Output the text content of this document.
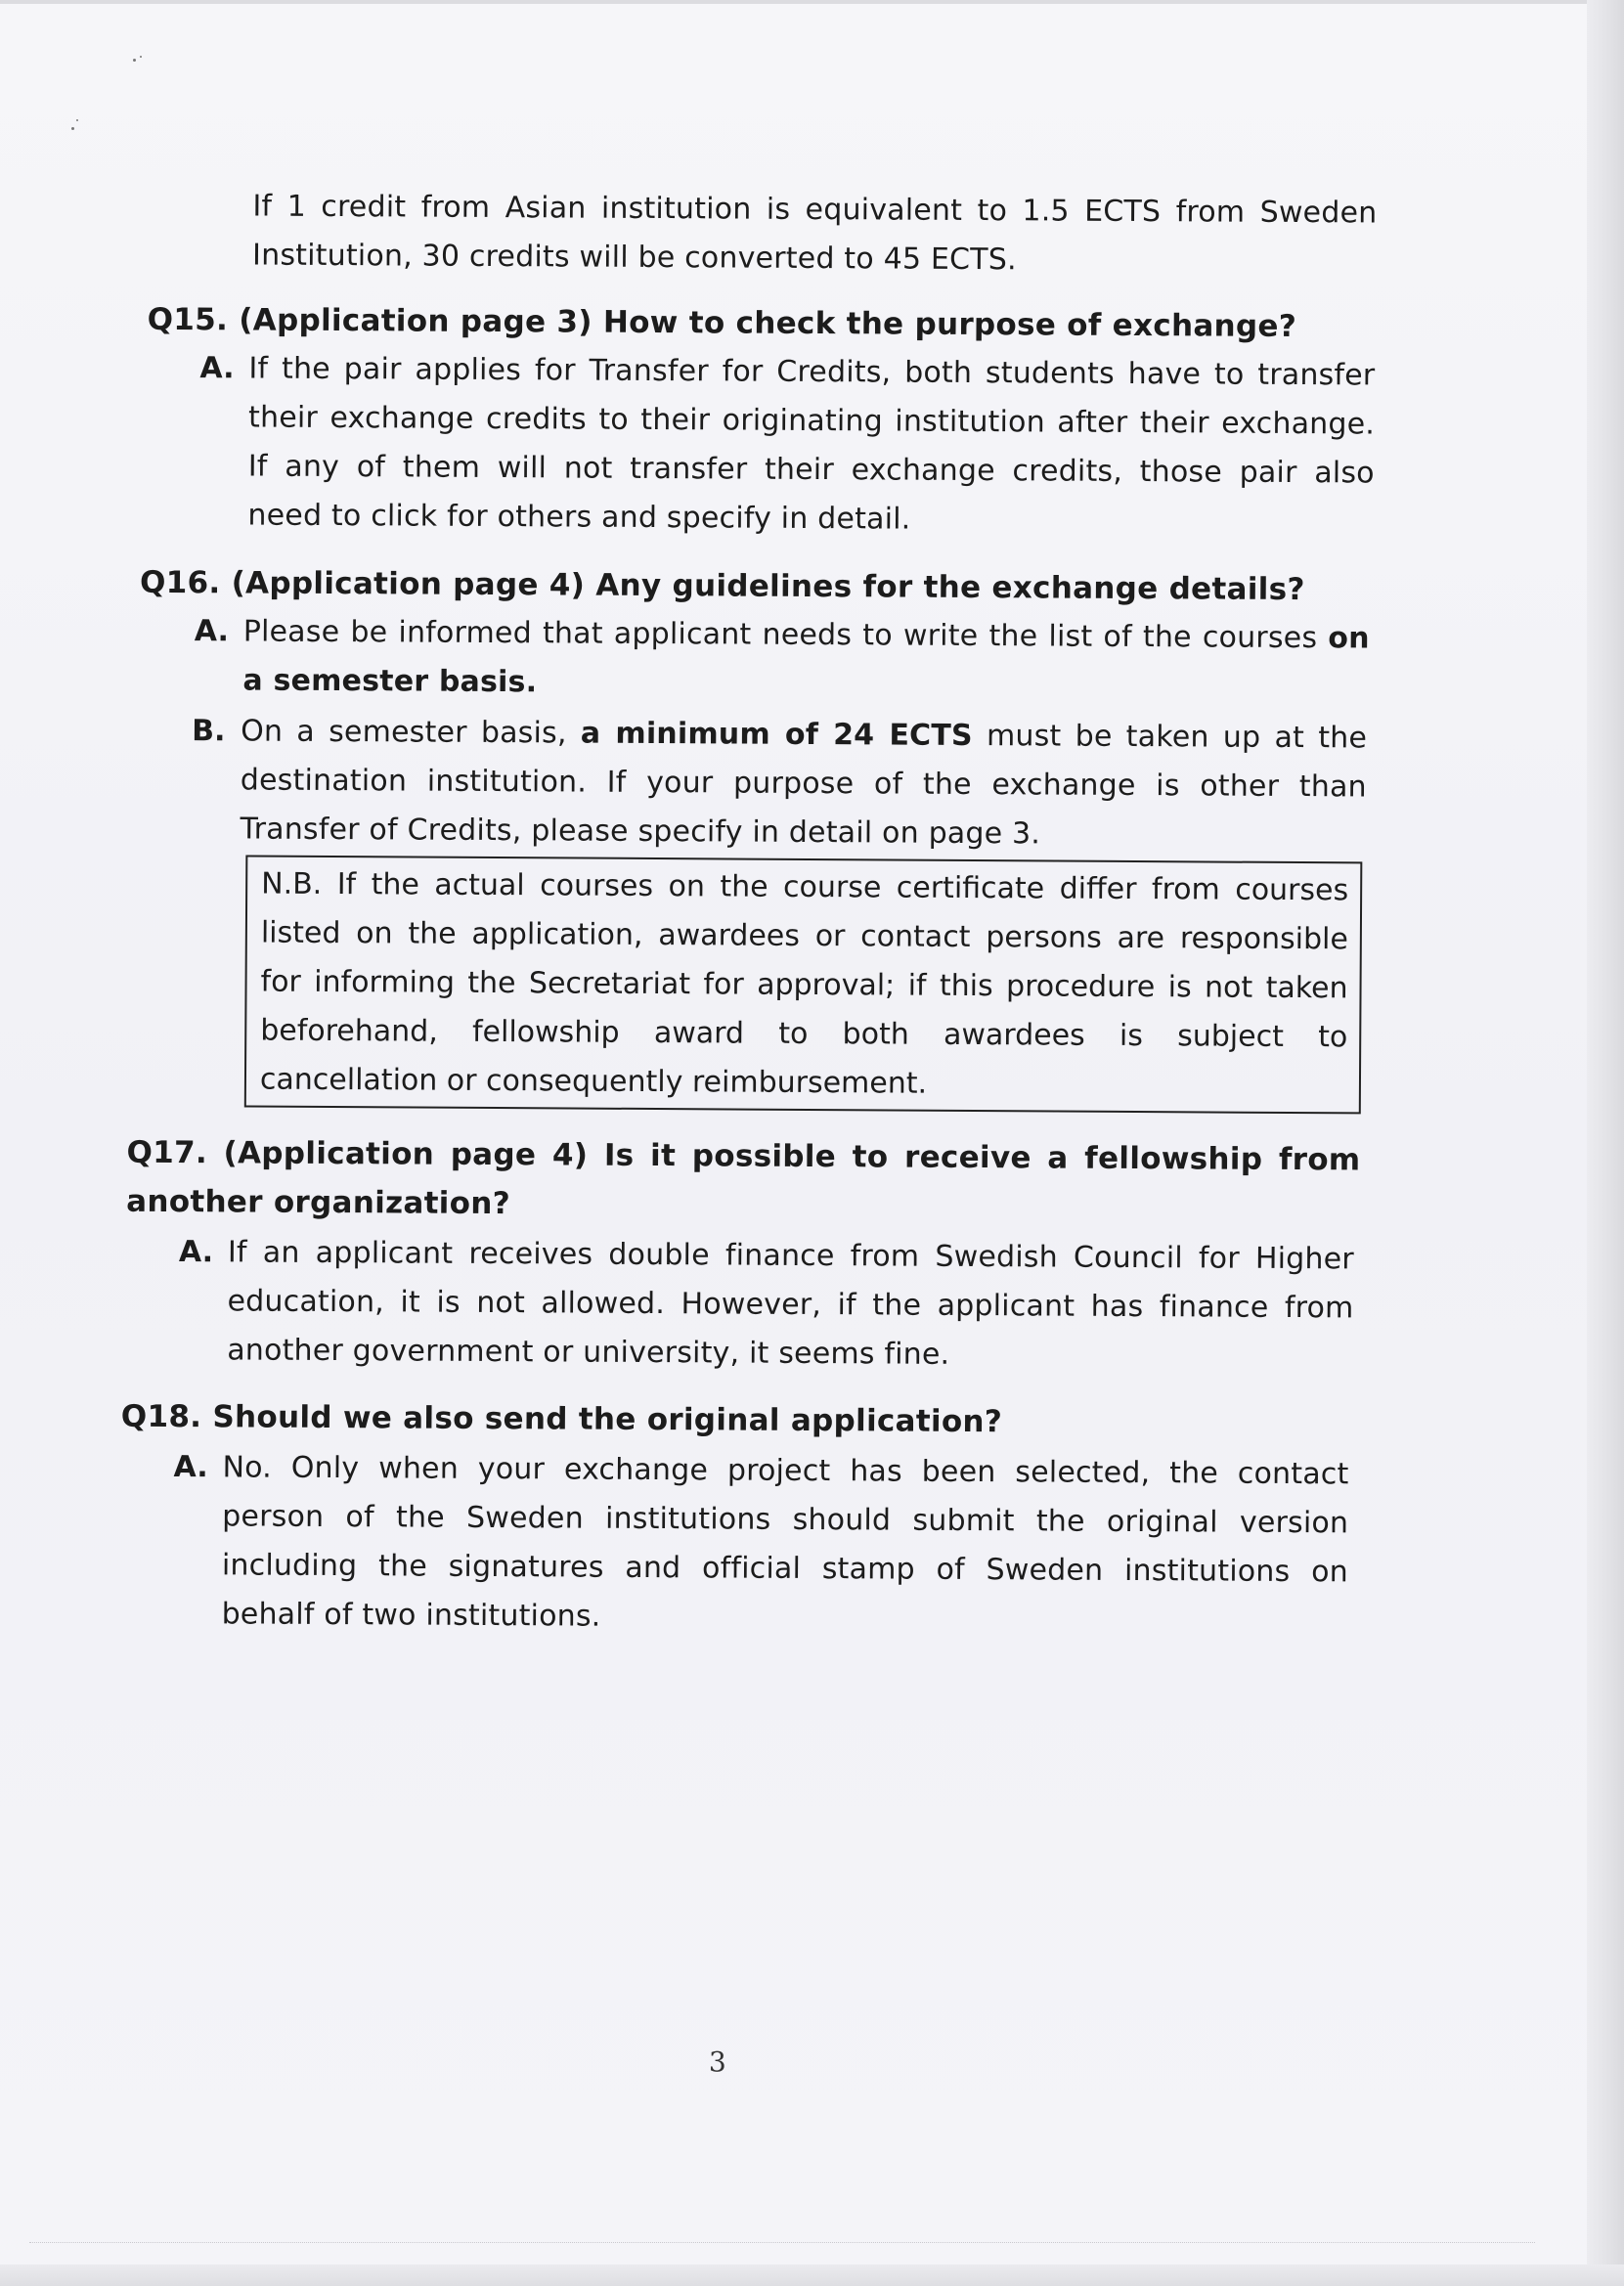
If 1 credit from Asian institution is equivalent to 1.5 ECTS from Sweden
Institution, 30 credits will be converted to 45 ECTS.
Q15. (Application page 3) How to check the purpose of exchange?
A. If the pair applies for Transfer for Credits, both students have to transfer
their exchange credits to their originating institution after their exchange.
If any of them will not transfer their exchange credits, those pair also
need to click for others and specify in detail.
Q16. (Application page 4) Any guidelines for the exchange details?
A. Please be informed that applicant needs to write the list of the courses on
a semester basis.
B. On a semester basis, a minimum of 24 ECTS must be taken up at the
destination institution. If your purpose of the exchange is other than
Transfer of Credits, please specify in detail on page 3.
N.B. If the actual courses on the course certificate differ from courses
listed on the application, awardees or contact persons are responsible
for informing the Secretariat for approval; if this procedure is not taken
beforehand, fellowship award to both awardees is subject to
cancellation or consequently reimbursement.
Q17. (Application page 4) Is it possible to receive a fellowship from
another organization?
A. If an applicant receives double finance from Swedish Council for Higher
education, it is not allowed. However, if the applicant has finance from
another government or university, it seems fine.
Q18. Should we also send the original application?
A. No. Only when your exchange project has been selected, the contact
person of the Sweden institutions should submit the original version
including the signatures and official stamp of Sweden institutions on
behalf of two institutions.
3
